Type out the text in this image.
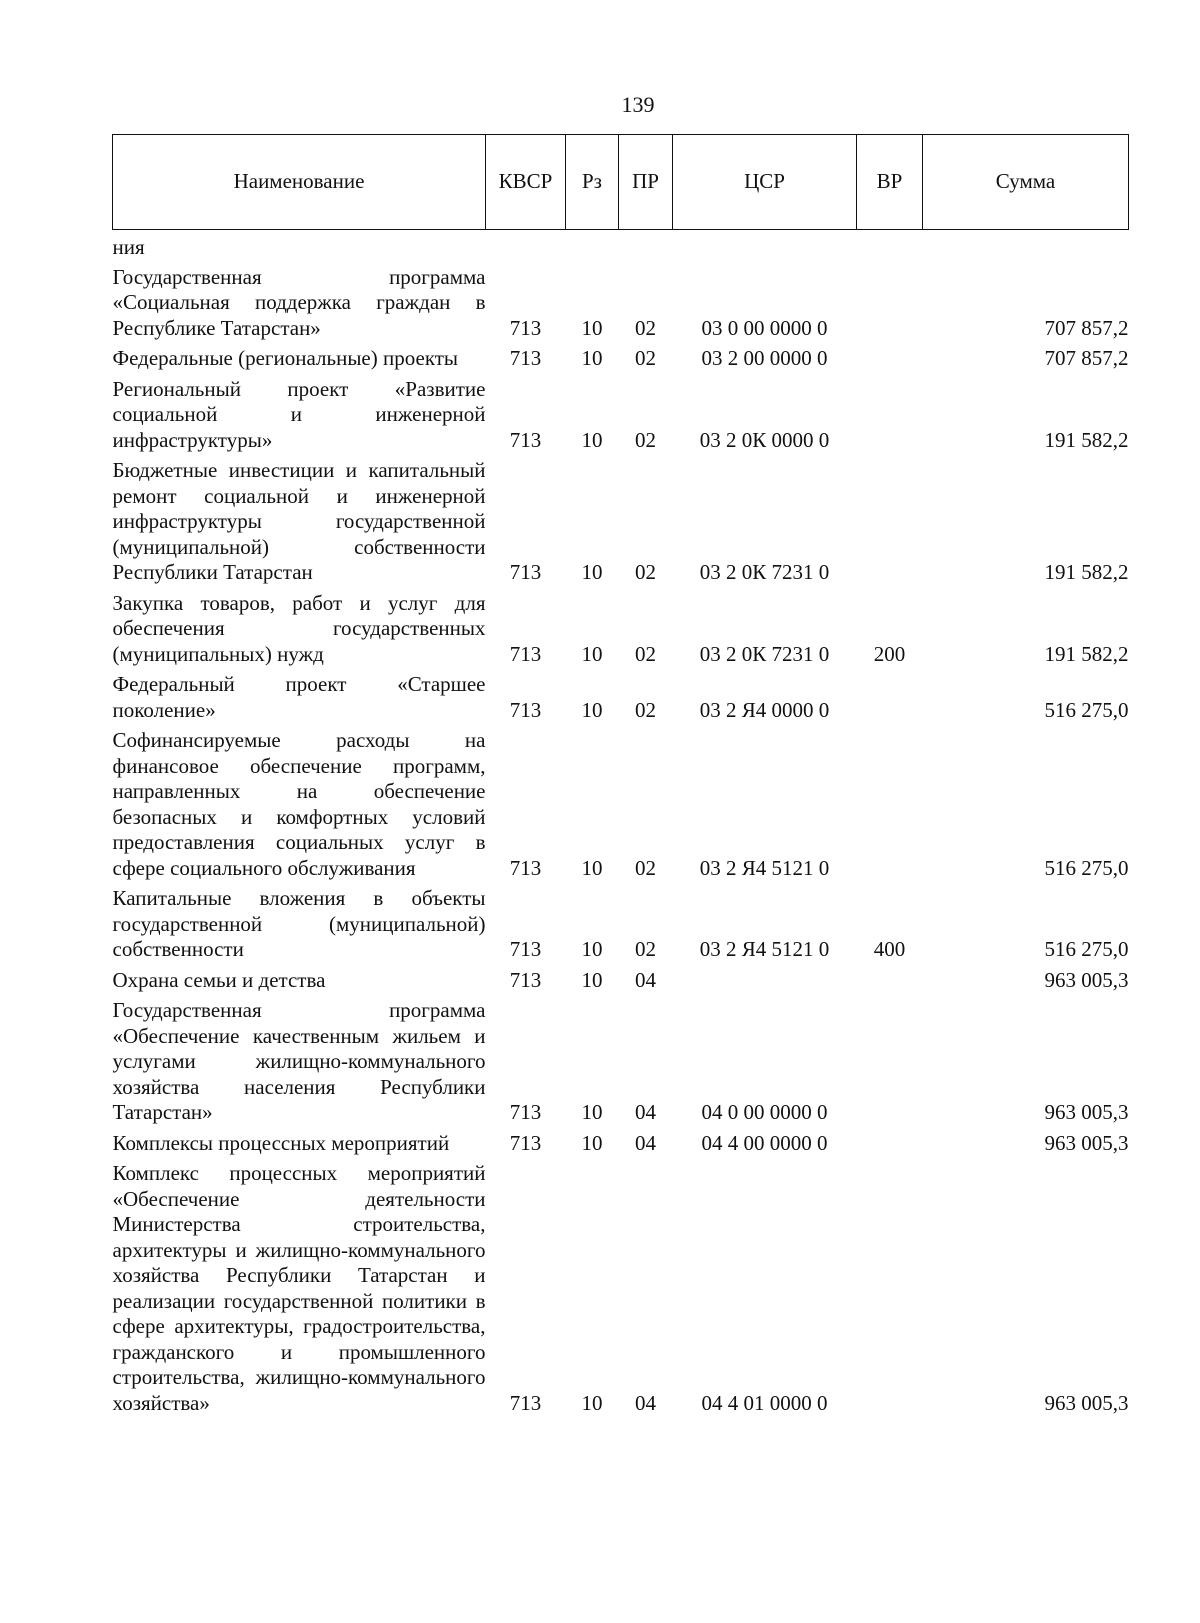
139
Наименование	КВСР	Рз	ПР	ЦСР	ВР	Сумма
ния						
Государственная программа «Социальная поддержка граждан в Республике Татарстан»	713	10	02	03 0 00 0000 0		707 857,2
Федеральные (региональные) проекты	713	10	02	03 2 00 0000 0		707 857,2
Региональный проект «Развитие социальной и инженерной инфраструктуры»	713	10	02	03 2 0К 0000 0		191 582,2
Бюджетные инвестиции и капитальный ремонт социальной и инженерной инфраструктуры государственной (муниципальной) собственности Республики Татарстан	713	10	02	03 2 0К 7231 0		191 582,2
Закупка товаров, работ и услуг для обеспечения государственных (муниципальных) нужд	713	10	02	03 2 0К 7231 0	200	191 582,2
Федеральный проект «Старшее поколение»	713	10	02	03 2 Я4 0000 0		516 275,0
Софинансируемые расходы на финансовое обеспечение программ, направленных на обеспечение безопасных и комфортных условий предоставления социальных услуг в сфере социального обслуживания	713	10	02	03 2 Я4 5121 0		516 275,0
Капитальные вложения в объекты государственной (муниципальной) собственности	713	10	02	03 2 Я4 5121 0	400	516 275,0
Охрана семьи и детства	713	10	04			963 005,3
Государственная программа «Обеспечение качественным жильем и услугами жилищно-коммунального хозяйства населения Республики Татарстан»	713	10	04	04 0 00 0000 0		963 005,3
Комплексы процессных мероприятий	713	10	04	04 4 00 0000 0		963 005,3
Комплекс процессных мероприятий «Обеспечение деятельности Министерства строительства, архитектуры и жилищно-коммунального хозяйства Республики Татарстан и реализации государственной политики в сфере архитектуры, градостроительства, гражданского и промышленного строительства, жилищно-коммунального хозяйства»	713	10	04	04 4 01 0000 0		963 005,3
